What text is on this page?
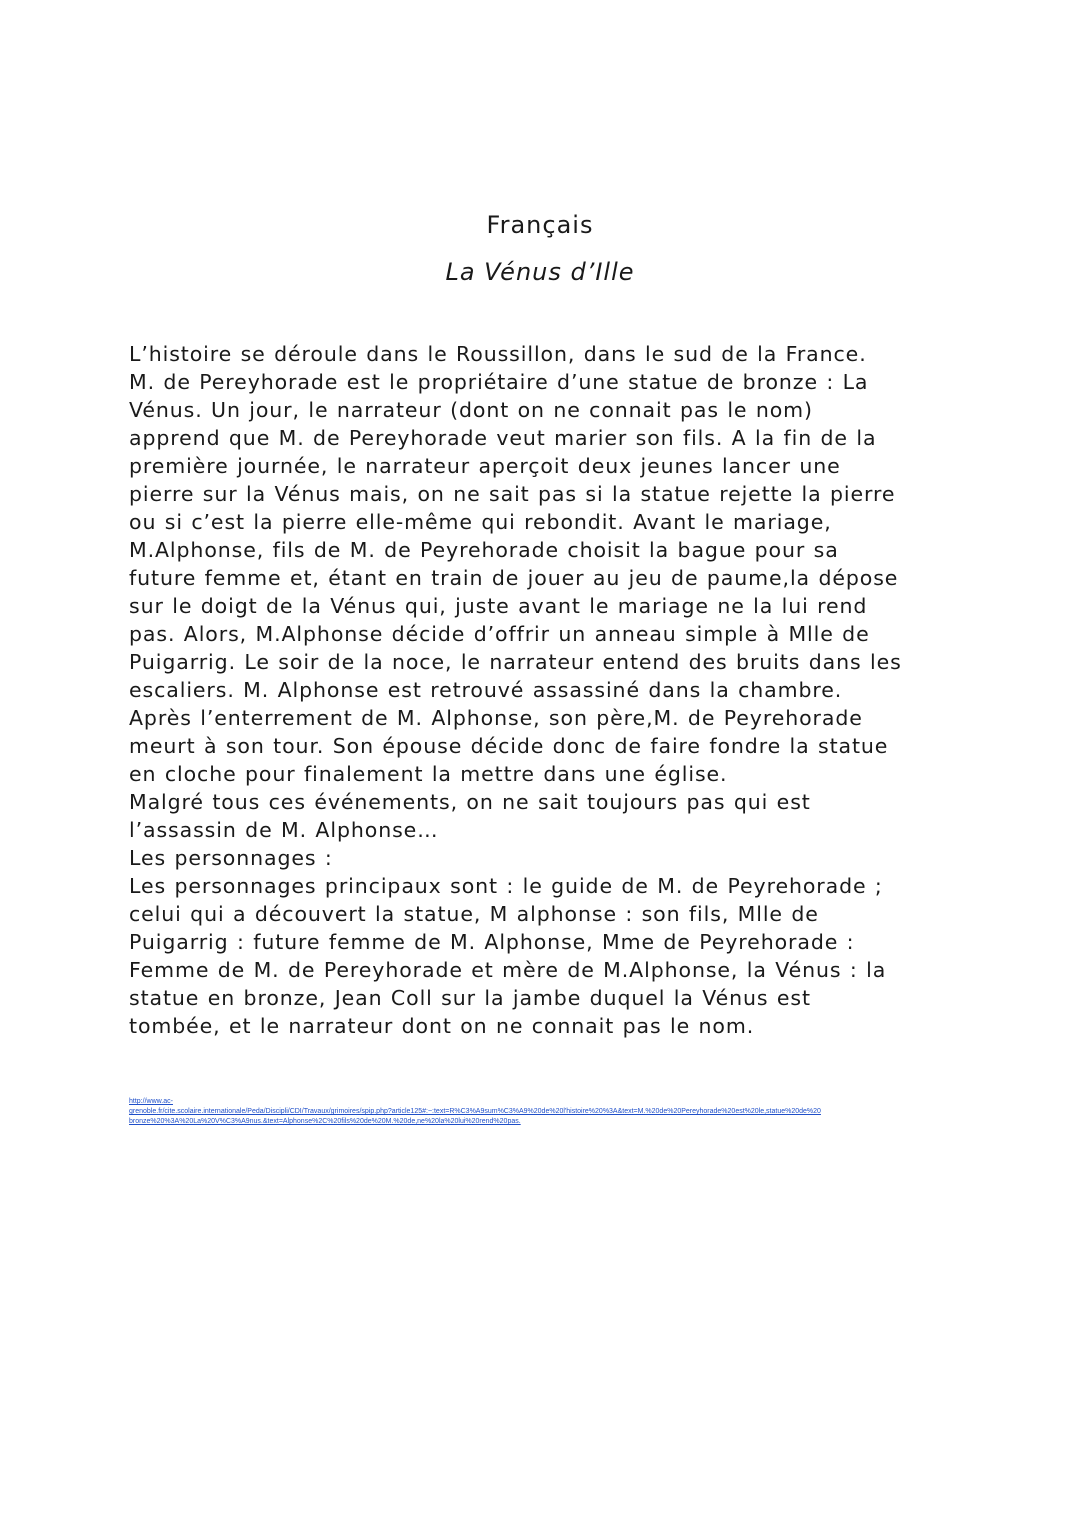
Français
La Vénus d’Ille

L’histoire se déroule dans le Roussillon, dans le sud de la France.

M. de Pereyhorade est le propriétaire d’une statue de bronze : La

Vénus. Un jour, le narrateur (dont on ne connait pas le nom)

apprend que M. de Pereyhorade veut marier son fils. A la fin de la

première journée, le narrateur aperçoit deux jeunes lancer une

pierre sur la Vénus mais, on ne sait pas si la statue rejette la pierre

ou si c’est la pierre elle-même qui rebondit. Avant le mariage,

M.Alphonse, fils de M. de Peyrehorade choisit la bague pour sa

future femme et, étant en train de jouer au jeu de paume,la dépose

sur le doigt de la Vénus qui, juste avant le mariage ne la lui rend

pas. Alors, M.Alphonse décide d’offrir un anneau simple à Mlle de

Puigarrig. Le soir de la noce, le narrateur entend des bruits dans les

escaliers. M. Alphonse est retrouvé assassiné dans la chambre.

Après l’enterrement de M. Alphonse, son père,M. de Peyrehorade

meurt à son tour. Son épouse décide donc de faire fondre la statue

en cloche pour finalement la mettre dans une église.

Malgré tous ces événements, on ne sait toujours pas qui est

l’assassin de M. Alphonse…

Les personnages :

Les personnages principaux sont : le guide de M. de Peyrehorade ;

celui qui a découvert la statue, M alphonse : son fils, Mlle de

Puigarrig : future femme de M. Alphonse, Mme de Peyrehorade :

Femme de M. de Pereyhorade et mère de M.Alphonse, la Vénus : la

statue en bronze, Jean Coll sur la jambe duquel la Vénus est

tombée, et le narrateur dont on ne connait pas le nom.

http://www.ac-
grenoble.fr/cite.scolaire.internationale/Peda/Discipli/CDI/Travaux/grimoires/spip.php?article125#:~:text=R%C3%A9sum%C3%A9%20de%20l'histoire%20%3A&text=M.%20de%20Pereyhorade%20est%20le,statue%20de%20
bronze%20%3A%20La%20V%C3%A9nus.&text=Alphonse%2C%20fils%20de%20M.%20de,ne%20la%20lui%20rend%20pas.
